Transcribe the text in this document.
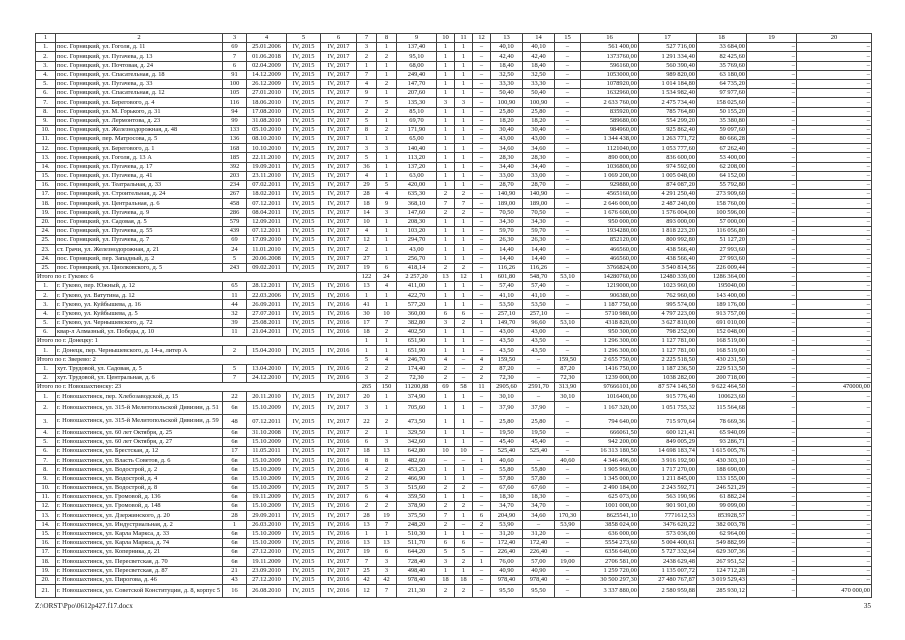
1	2	3	4	5	6	7	8	9	10	11	12	13	14	15	16	17	18	19	20
1.	пос. Горняцкий, ул. Гоголя, д. 11	69	25.01.2006	IV, 2015	IV, 2017	3	1	137,40	1	1	–	40,10	40,10	–	561 400,00	527 716,00	33 684,00	–	–
2.	пос. Горняцкий, ул. Пугачева, д. 13	7	01.06.2018	IV, 2015	IV, 2017	2	2	95,10	1	1	–	42,40	42,40	–	1373760,00	1 291 334,40	82 425,60	–	–
3.	пос. Горняцкий, ул. Почтовая, д. 24	6	02.04.2009	IV, 2015	IV, 2017	1	1	68,00	1	1	–	18,40	18,40	–	596160,00	560 390,40	35 769,60	–	–
4.	пос. Горняцкий, ул. Спасательная, д. 18	91	14.12.2009	IV, 2015	IV, 2017	7	1	249,40	1	1	–	32,50	32,50	–	1053000,00	989 820,00	63 180,00	–	–
5.	пос. Горняцкий, ул. Пугачева, д. 33	100	26.12.2009	IV, 2015	IV, 2017	4	2	147,70	1	1	–	33,30	33,30	–	1078920,00	1 014 184,80	64 735,20	–	–
6.	пос. Горняцкий, ул. Спасательная, д. 12	105	27.01.2010	IV, 2015	IV, 2017	9	1	207,60	1	1	–	50,40	50,40	–	1632960,00	1 534 982,40	97 977,60	–	–
7.	пос. Горняцкий, ул. Берегового, д. 4	116	18.06.2010	IV, 2015	IV, 2017	7	5	135,30	3	3	–	100,90	100,90	–	2 633 760,00	2 475 734,40	158 025,60	–	–
8.	пос. Горняцкий, ул. М. Горького, д. 31	94	17.08.2010	IV, 2015	IV, 2017	2	2	85,10	1	1	–	25,80	25,80	–	835920,00	785 764,80	50 155,20	–	–
9.	пос. Горняцкий, ул. Лермонтова, д. 23	99	31.08.2010	IV, 2015	IV, 2017	5	1	69,70	1	1	–	18,20	18,20	–	589680,00	554 299,20	35 380,80	–	–
10.	пос. Горняцкий, ул. Железнодорожная, д. 48	133	05.10.2010	IV, 2015	IV, 2017	8	2	171,90	1	1	–	30,40	30,40	–	984960,00	925 862,40	59 097,60	–	–
11.	пос. Горняцкий, пер. Матросова, д. 5	136	08.10.2010	IV, 2015	IV, 2017	1	1	65,00	1	1	–	43,00	43,00	–	1 344 438,00	1 263 771,72	80 666,28	–	–
12.	пос. Горняцкий, ул. Берегового, д. 1	168	10.10.2010	IV, 2015	IV, 2017	3	3	140,40	1	1	–	34,60	34,60	–	1121040,00	1 053 777,60	67 262,40	–	–
13.	пос. Горняцкий, ул. Гоголя, д. 13 А	185	22.11.2010	IV, 2015	IV, 2017	5	1	113,20	1	1	–	28,30	28,30	–	890 000,00	836 600,00	53 400,00	–	–
14.	пос. Горняцкий, ул. Пугачева, д. 17	392	19.09.2011	IV, 2015	IV, 2017	36	1	137,20	1	1	–	34,40	34,40	–	1036800,00	974 592,00	62 208,00	–	–
15.	пос. Горняцкий, ул. Пугачева, д. 41	203	23.11.2010	IV, 2015	IV, 2017	4	1	63,00	1	1	–	33,00	33,00	–	1 069 200,00	1 005 048,00	64 152,00	–	–
16.	пос. Горняцкий, ул. Театральная, д. 33	234	07.02.2011	IV, 2015	IV, 2017	29	5	420,00	1	1	–	28,70	28,70	–	929880,00	874 087,20	55 792,80	–	–
17.	пос. Горняцкий, ул. Строительная, д. 24	267	18.02.2011	IV, 2015	IV, 2017	28	4	635,30	2	2	–	140,90	140,90	–	4565160,00	4 291 250,40	273 909,60	–	–
18.	пос. Горняцкий, ул. Центральная, д. 6	458	07.12.2011	IV, 2015	IV, 2017	18	9	368,10	7	7	–	189,00	189,00	–	2 646 000,00	2 487 240,00	158 760,00	–	–
19.	пос. Горняцкий, ул. Пугачева, д. 9	286	08.04.2011	IV, 2015	IV, 2017	14	3	147,60	2	2	–	70,50	70,50	–	1 676 600,00	1 576 004,00	100 596,00	–	–
20.	пос. Горняцкий, ул. Садовая, д. 5	579	12.09.2011	IV, 2015	IV, 2017	10	1	208,30	1	1	–	34,30	34,30	–	950 000,00	893 000,00	57 000,00	–	–
24.	пос. Горняцкий, ул. Пугачева, д. 55	439	07.12.2011	IV, 2015	IV, 2017	4	1	103,20	1	1	–	59,70	59,70	–	1934280,00	1 818 223,20	116 056,80	–	–
25.	пос. Горняцкий, ул. Пугачева, д. 7	69	17.09.2010	IV, 2015	IV, 2017	12	1	294,70	1	1	–	26,30	26,30	–	852120,00	800 992,80	51 127,20	–	–
23.	ст. Грачи, ул. Железнодорожная, д. 21	24	11.01.2010	IV, 2015	IV, 2017	2	1	43,00	1	1	–	14,40	14,40	–	466560,00	438 566,40	27 993,60	–	–
24.	пос. Горняцкий, пер. Западный, д. 2	5	20.06.2008	IV, 2015	IV, 2017	27	1	256,70	1	1	–	14,40	14,40	–	466560,00	438 566,40	27 993,60	–	–
25.	пос. Горняцкий, ул. Циолковского, д. 5	243	09.02.2011	IV, 2015	IV, 2017	19	6	418,14	2	2	–	116,26	116,26	–	3766824,00	3 540 814,56	226 009,44	–	–
Итого по г. Гуково: 6						122	24	2 257,20	13	12	1	601,80	548,70	53,10	14280760,00	12480 339,00	1286 364,00	–	–
1.	г. Гуково, пер. Южный, д. 12	65	28.12.2011	IV, 2015	IV, 2016	13	4	411,00	1	1	–	57,40	57,40	–	1219000,00	1023 960,00	195040,00	–	–
2.	г. Гуково, ул. Ватутина, д. 12	11	22.03.2006	IV, 2015	IV, 2016	1	1	422,70	1	1	–	41,10	41,10	–	906380,00	762 960,00	143 400,00	–	–
3.	г. Гуково, ул. Куйбышева, д. 16	44	26.09.2011	IV, 2015	IV, 2016	41	1	577,20	1	1	–	53,50	53,50	–	1 187 750,00	995 574,00	189 176,00	–	–
4.	г. Гуково, ул. Куйбышева, д. 5	32	27.07.2011	IV, 2015	IV, 2016	30	10	360,00	6	6	–	257,10	257,10	–	5710 980,00	4 797 223,00	913 757,00	–	–
5.	г. Гуково, ул. Чернышевского, д. 72	39	25.08.2011	IV, 2015	IV, 2016	17	7	382,80	3	2	1	149,70	96,60	53,10	4318 820,00	3 627 810,00	691 010,00	–	–
6.	квар-л Алмазный, ул. Победы, д. 10	11	21.04.2011	IV, 2015	IV, 2016	18	2	402,50	1	1	–	43,00	43,00	–	950 300,00	798 252,00	152 048,00	–	–
Итого по г. Донецку: 1						1	1	651,90	1	1	–	43,50	43,50	–	1 296 300,00	1 127 781,00	168 519,00	–	–
1.	г. Донецк, пер. Чернышевского, д. 14-а, литер А	2	15.04.2010	IV, 2015	IV, 2016	1	1	651,90	1	1	–	43,50	43,50	–	1 296 300,00	1 127 781,00	168 519,00	–	–
Итого по г. Зверево: 2						5	4	246,70	4	–	4	159,50	–	159,50	2 655 750,00	2 225 518,50	430 231,50	–	–
1.	хут. Трудовой, ул. Садовая, д. 5	5	13.04.2010	IV, 2015	IV, 2016	2	2	174,40	2	–	2	87,20	–	87,20	1416 750,00	1 187 236,50	229 513,50	–	–
2.	хут. Трудовой, ул. Центральная, д. 6	7	24.12.2010	IV, 2015	IV, 2016	3	2	72,30	2	–	2	72,30	–	72,30	1239 000,00	1038 282,00	200 718,00	–	–
Итого по г. Новошахтинску: 23						265	150	11200,88	69	58	11	2905,60	2591,70	313,90	97666101,00	87 574 146,50	9 622 464,50	–	470000,00
1.	г. Новошахтинск, пер. Хлебозаводской, д. 15	22	20.11.2010	IV, 2015	IV, 2017	20	1	374,90	1	1	–	30,10	–	30,10	1016400,00	915 776,40	100623,60	–	–
2.	г. Новошахтинск, ул. 315-й Мелитопольской Дивизии, д. 51	6в	15.10.2009	IV, 2015	IV, 2017	3	1	705,60	1	1	–	37,90	37,90	–	1 167 320,00	1 051 755,32	115 564,68	–	–
3.	г. Новошахтинск, ул. 315-й Мелитопольской Дивизии, д. 59	48	07.12.2011	IV, 2015	IV, 2017	22	2	473,50	1	1	–	25,80	25,80	–	794 640,00	715 970,64	78 669,36	–	–
4.	г. Новошахтинск, ул. 60 лет Октября, д. 25	6в	31.10.2008	IV, 2015	IV, 2017	2	1	329,50	1	1	–	19,50	19,50	–	666061,50	600 121,41	65 940,09	–	–
5.	г. Новошахтинск, ул. 60 лет Октября, д. 27	6в	15.10.2009	IV, 2015	IV, 2016	6	3	342,60	1	1	–	45,40	45,40	–	942 200,00	849 005,29	93 286,71	–	–
6.	г. Новошахтинск, ул. Брестская, д. 12	17	11.05.2011	IV, 2015	IV, 2017	18	13	642,80	10	10	–	525,40	525,40	–	16 313 180,50	14 698 183,74	1 615 005,76	–	–
7.	г. Новошахтинск, ул. Власть Советов, д. 6	6в	15.10.2009	IV, 2015	IV, 2016	8	8	482,60	–	–	1	40,60	–	40,60	4 346 496,00	3 916 192,90	430 303,10	–	–
8.	г. Новошахтинск, ул. Водострой, д. 2	6в	15.10.2009	IV, 2015	IV, 2016	4	2	453,20	1	1	–	55,80	55,80	–	1 905 960,00	1 717 270,00	188 690,00	–	–
9.	г. Новошахтинск, ул. Водострой, д. 4	6в	15.10.2009	IV, 2015	IV, 2016	2	2	466,90	1	1	–	57,80	57,80	–	1 345 000,00	1 211 845,00	133 155,00	–	–
10.	г. Новошахтинск, ул. Водострой, д. 8	6в	15.10.2009	IV, 2015	IV, 2017	5	3	515,60	2	2	–	67,60	67,60	–	2 490 184,00	2 243 592,71	246 521,29	–	–
11.	г. Новошахтинск, ул. Громовой, д. 136	6в	19.11.2009	IV, 2015	IV, 2017	6	4	359,50	1	1	–	18,30	18,30	–	625 073,00	563 190,96	61 882,24	–	–
12.	г. Новошахтинск, ул. Громовой, д. 148	6в	15.10.2009	IV, 2015	IV, 2016	2	2	378,90	2	2	–	34,70	34,70	–	1001 000,00	901 901,00	99 099,00	–	–
13.	г. Новошахтинск, ул. Дзержинского, д. 20	28	29.09.2011	IV, 2015	IV, 2017	28	19	375,50	7	1	6	204,90	34,60	170,30	8625541,10	7771612,53	853928,57	–	–
14.	г. Новошахтинск, ул. Индустриальная, д. 2	1	26.03.2010	IV, 2015	IV, 2016	13	7	248,20	2	–	2	53,90	–	53,90	3858 024,00	3476 620,22	382 003,78	–	–
15.	г. Новошахтинск, ул. Карла Маркса, д. 33	6в	15.10.2009	IV, 2015	IV, 2016	1	1	510,30	1	1	–	31,20	31,20	–	636 000,00	573 036,00	62 964,00	–	–
16.	г. Новошахтинск, ул. Карла Маркса, д. 74	6в	15.10.2009	IV, 2015	IV, 2016	13	13	511,70	6	6	–	172,40	172,40	–	5554 273,60	5 004 400,61	549 882,99	–	–
17.	г. Новошахтинск, ул. Коперника, д. 21	6в	27.12.2010	IV, 2015	IV, 2017	19	6	644,20	5	5	–	226,40	226,40	–	6356 640,00	5 727 332,64	629 307,36	–	–
18.	г. Новошахтинск, ул. Пересветская, д. 70	6в	19.11.2009	IV, 2015	IV, 2017	7	3	728,40	3	2	1	76,00	57,00	19,00	2706 581,00	2438 629,48	267 951,52	–	–
19.	г. Новошахтинск, ул. Пересветская, д. 87	21	23.09.2010	IV, 2015	IV, 2017	25	3	498,40	1	1	–	40,90	40,90	–	1 259 720,00	1 135 007,72	124 712,28	–	–
20.	г. Новошахтинск, ул. Пирогова, д. 46	43	27.12.2010	IV, 2015	IV, 2016	42	42	978,40	18	18	–	978,40	978,40	–	30 500 297,30	27 480 767,87	3 019 529,43	–	–
21.	г. Новошахтинск, ул. Советской Конституции, д. 8, корпус 5	16	26.08.2010	IV, 2015	IV, 2016	12	7	211,30	2	2	–	95,50	95,50	–	3 337 880,00	2 580 959,88	285 930,12	–	470 000,00
Z:\ORST\Ppo\0612p427.f17.docx	35
